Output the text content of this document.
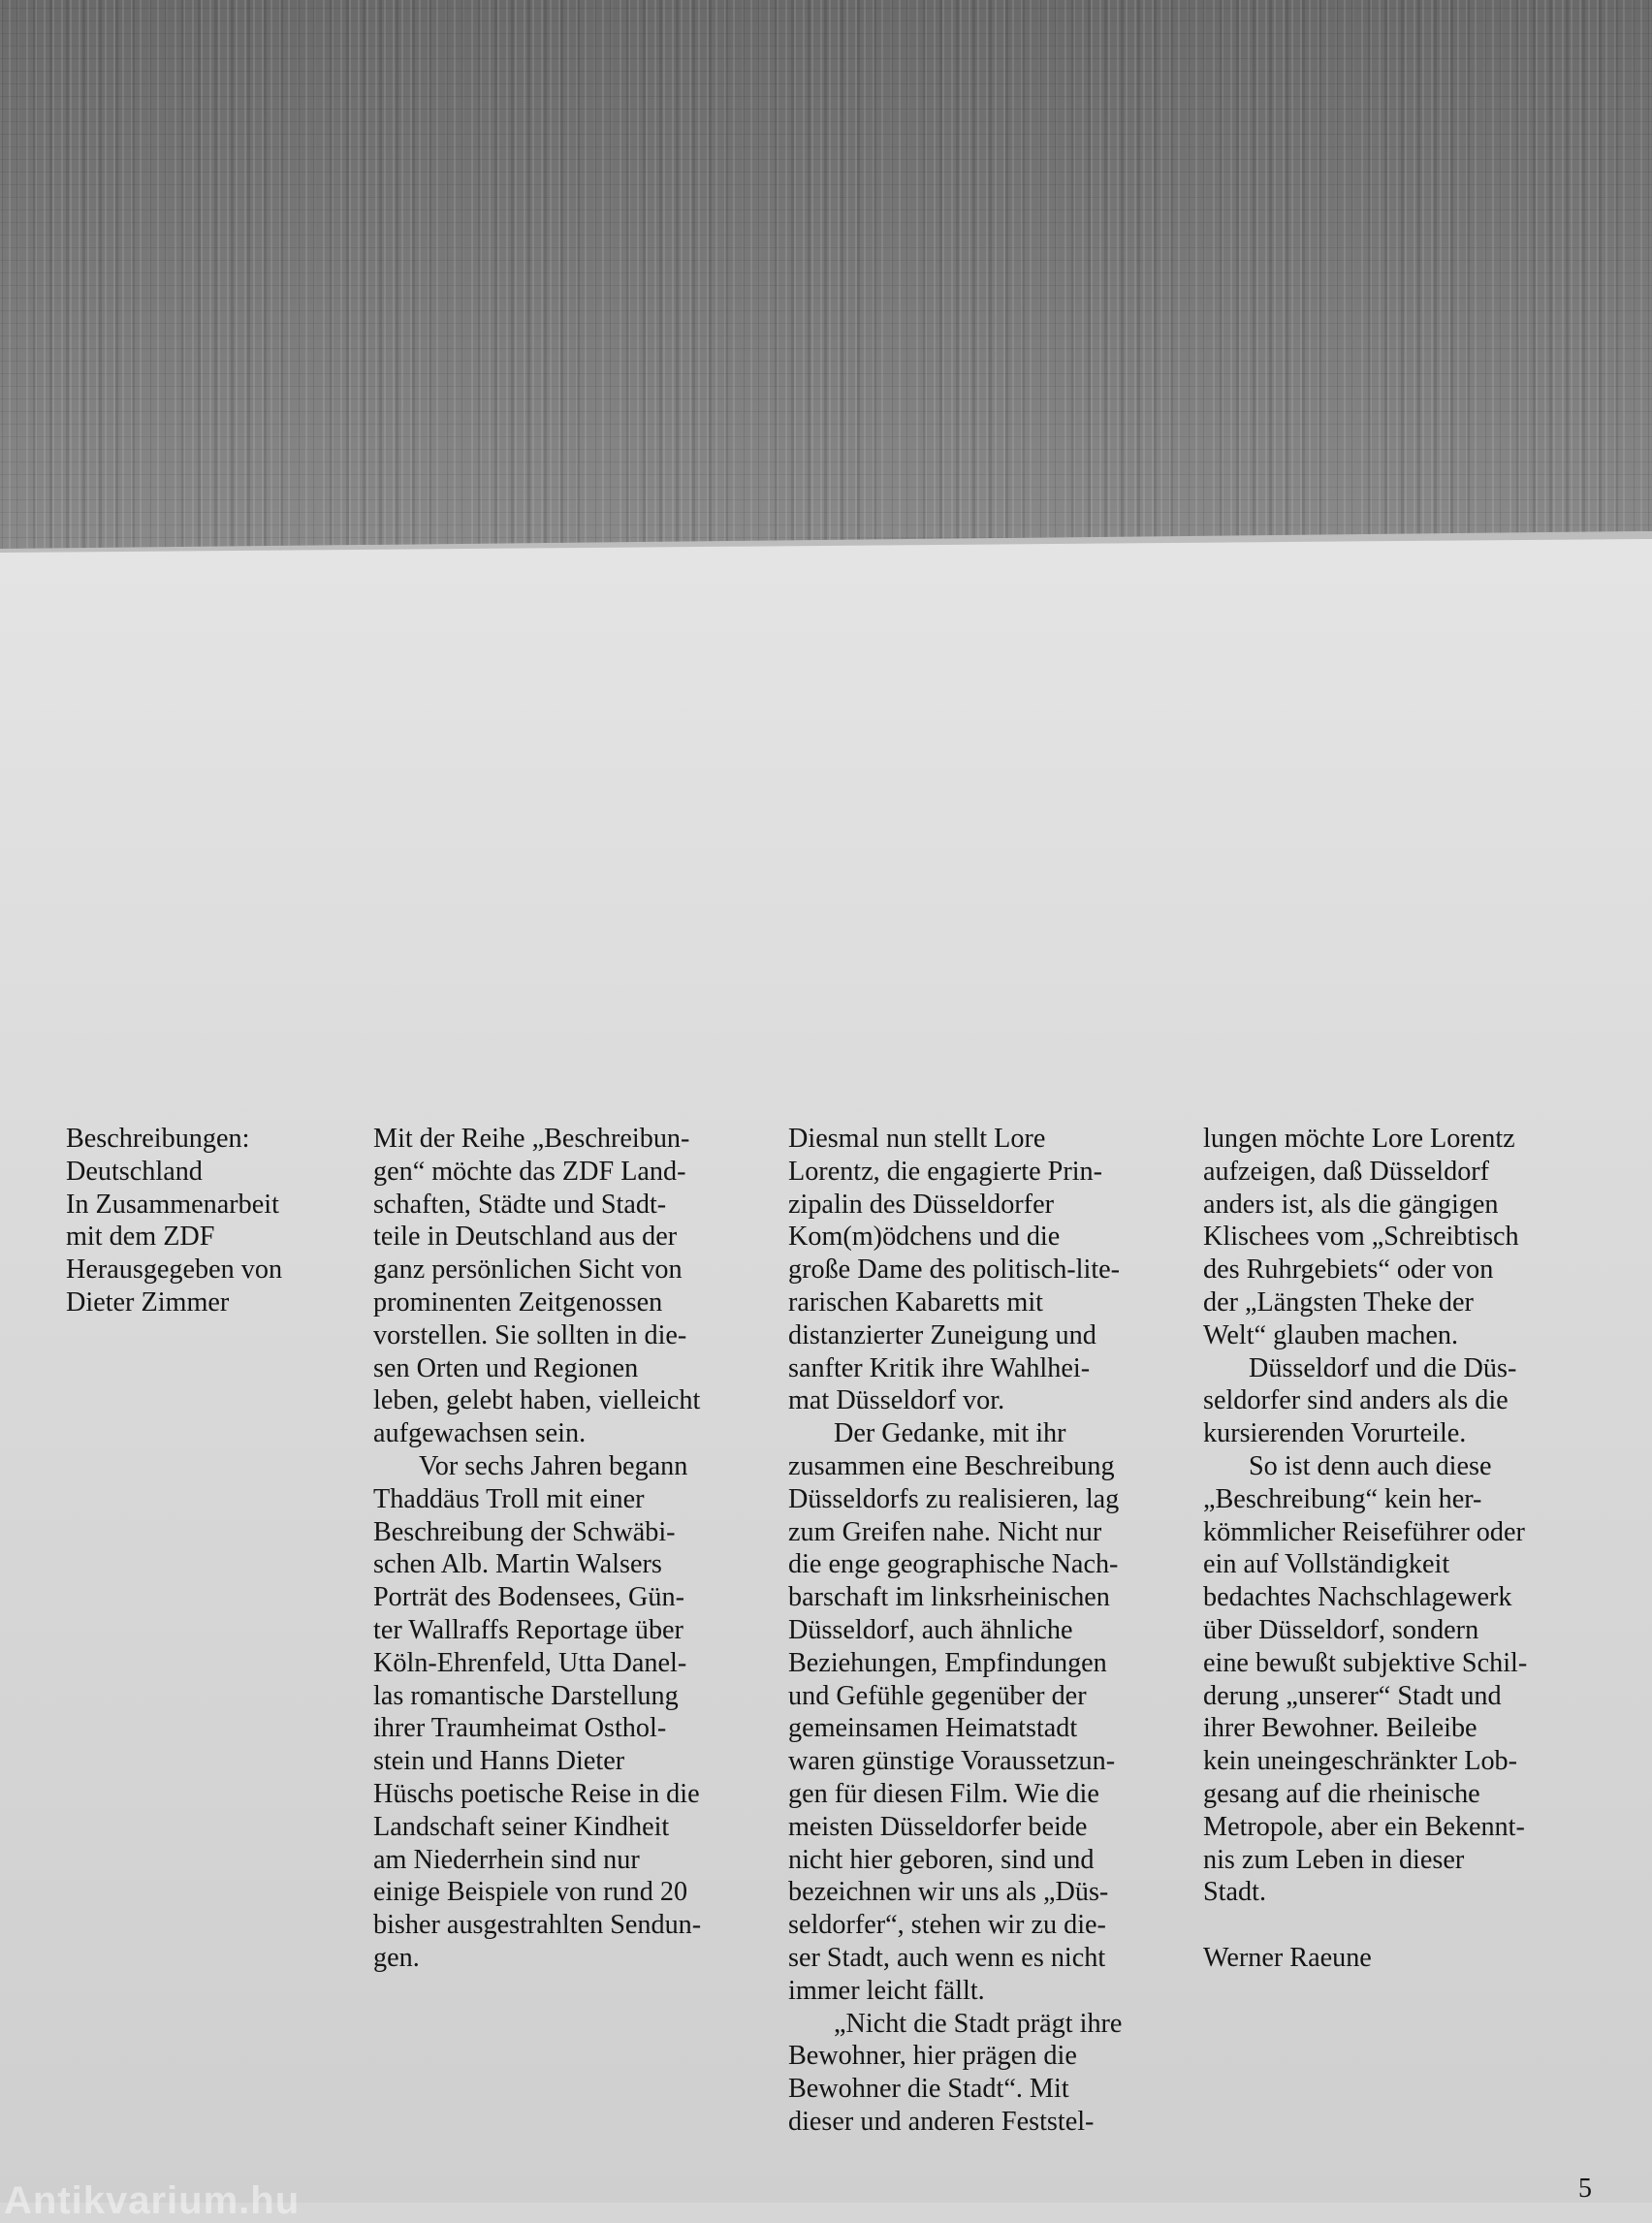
Beschreibungen:

Deutschland

In Zusammenarbeit

mit dem ZDF

Herausgegeben von

Dieter Zimmer

Mit der Reihe „Beschreibun-

gen“ möchte das ZDF Land-

schaften, Städte und Stadt-

teile in Deutschland aus der

ganz persönlichen Sicht von

prominenten Zeitgenossen

vorstellen. Sie sollten in die-

sen Orten und Regionen

leben, gelebt haben, vielleicht

aufgewachsen sein.

Vor sechs Jahren begann

Thaddäus Troll mit einer

Beschreibung der Schwäbi-

schen Alb. Martin Walsers

Porträt des Bodensees, Gün-

ter Wallraffs Reportage über

Köln-Ehrenfeld, Utta Danel-

las romantische Darstellung

ihrer Traumheimat Osthol-

stein und Hanns Dieter

Hüschs poetische Reise in die

Landschaft seiner Kindheit

am Niederrhein sind nur

einige Beispiele von rund 20

bisher ausgestrahlten Sendun-

gen.

Diesmal nun stellt Lore

Lorentz, die engagierte Prin-

zipalin des Düsseldorfer

Kom(m)ödchens und die

große Dame des politisch-lite-

rarischen Kabaretts mit

distanzierter Zuneigung und

sanfter Kritik ihre Wahlhei-

mat Düsseldorf vor.

Der Gedanke, mit ihr

zusammen eine Beschreibung

Düsseldorfs zu realisieren, lag

zum Greifen nahe. Nicht nur

die enge geographische Nach-

barschaft im linksrheinischen

Düsseldorf, auch ähnliche

Beziehungen, Empfindungen

und Gefühle gegenüber der

gemeinsamen Heimatstadt

waren günstige Voraussetzun-

gen für diesen Film. Wie die

meisten Düsseldorfer beide

nicht hier geboren, sind und

bezeichnen wir uns als „Düs-

seldorfer“, stehen wir zu die-

ser Stadt, auch wenn es nicht

immer leicht fällt.

„Nicht die Stadt prägt ihre

Bewohner, hier prägen die

Bewohner die Stadt“. Mit

dieser und anderen Feststel-

lungen möchte Lore Lorentz

aufzeigen, daß Düsseldorf

anders ist, als die gängigen

Klischees vom „Schreibtisch

des Ruhrgebiets“ oder von

der „Längsten Theke der

Welt“ glauben machen.

Düsseldorf und die Düs-

seldorfer sind anders als die

kursierenden Vorurteile.

So ist denn auch diese

„Beschreibung“ kein her-

kömmlicher Reiseführer oder

ein auf Vollständigkeit

bedachtes Nachschlagewerk

über Düsseldorf, sondern

eine bewußt subjektive Schil-

derung „unserer“ Stadt und

ihrer Bewohner. Beileibe

kein uneingeschränkter Lob-

gesang auf die rheinische

Metropole, aber ein Bekennt-

nis zum Leben in dieser

Stadt.

Werner Raeune

5
Antikvarium.hu
